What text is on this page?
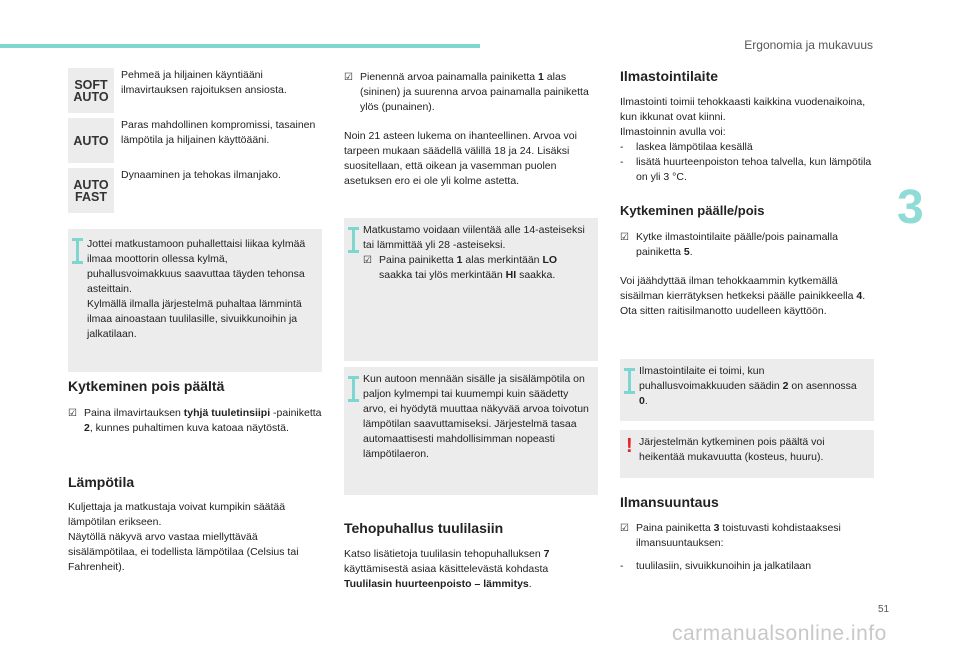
Ergonomia ja mukavuus
3
SOFT
AUTO
Pehmeä ja hiljainen käyntiääni ilmavirtauksen rajoituksen ansiosta.
AUTO
Paras mahdollinen kompromissi, tasainen lämpötila ja hiljainen käyttöääni.
AUTO
FAST
Dynaaminen ja tehokas ilmanjako.
Jottei matkustamoon puhallettaisi liikaa kylmää ilmaa moottorin ollessa kylmä, puhallusvoimakkuus saavuttaa täyden tehonsa asteittain.
Kylmällä ilmalla järjestelmä puhaltaa lämmintä ilmaa ainoastaan tuulilasille, sivuikkunoihin ja jalkatilaan.
Kytkeminen pois päältä

☑ Paina ilmavirtauksen tyhjä tuuletinsiipi -painiketta 2, kunnes puhaltimen kuva katoaa näytöstä.

Lämpötila
Kuljettaja ja matkustaja voivat kumpikin säätää lämpötilan erikseen.
Näytöllä näkyvä arvo vastaa miellyttävää sisälämpötilaa, ei todellista lämpötilaa (Celsius tai Fahrenheit).

☑ Pienennä arvoa painamalla painiketta 1 alas (sininen) ja suurenna arvoa painamalla painiketta ylös (punainen).

Noin 21 asteen lukema on ihanteellinen. Arvoa voi tarpeen mukaan säädellä välillä 18 ja 24. Lisäksi suositellaan, että oikean ja vasemman puolen asetuksen ero ei ole yli kolme astetta.

Matkustamo voidaan viilentää alle 14-asteiseksi tai lämmittää yli 28 -asteiseksi.

☑ Paina painiketta 1 alas merkintään LO saakka tai ylös merkintään HI saakka.

Kun autoon mennään sisälle ja sisälämpötila on paljon kylmempi tai kuumempi kuin säädetty arvo, ei hyödytä muuttaa näkyvää arvoa toivotun lämpötilan saavuttamiseksi. Järjestelmä tasaa automaattisesti mahdollisimman nopeasti lämpötilaeron.
Tehopuhallus tuulilasiin

Katso lisätietoja tuulilasin tehopuhalluksen 7 käyttämisestä asiaa käsittelevästä kohdasta Tuulilasin huurteenpoisto – lämmitys.

Ilmastointilaite

Ilmastointi toimii tehokkaasti kaikkina vuodenaikoina, kun ikkunat ovat kiinni.
Ilmastoinnin avulla voi:

- laskea lämpötilaa kesällä

- lisätä huurteenpoiston tehoa talvella, kun lämpötila on yli 3 °C.

Kytkeminen päälle/pois

☑ Kytke ilmastointilaite päälle/pois painamalla painiketta 5.

Voi jäähdyttää ilman tehokkaammin kytkemällä sisäilman kierrätyksen hetkeksi päälle painikkeella 4. Ota sitten raitisilmanotto uudelleen käyttöön.

Ilmastointilaite ei toimi, kun puhallusvoimakkuuden säädin 2 on asennossa 0.
! Järjestelmän kytkeminen pois päältä voi heikentää mukavuutta (kosteus, huuru).
Ilmansuuntaus

☑ Paina painiketta 3 toistuvasti kohdistaaksesi ilmansuuntauksen:

- tuulilasiin, sivuikkunoihin ja jalkatilaan

51
carmanualsonline.info
